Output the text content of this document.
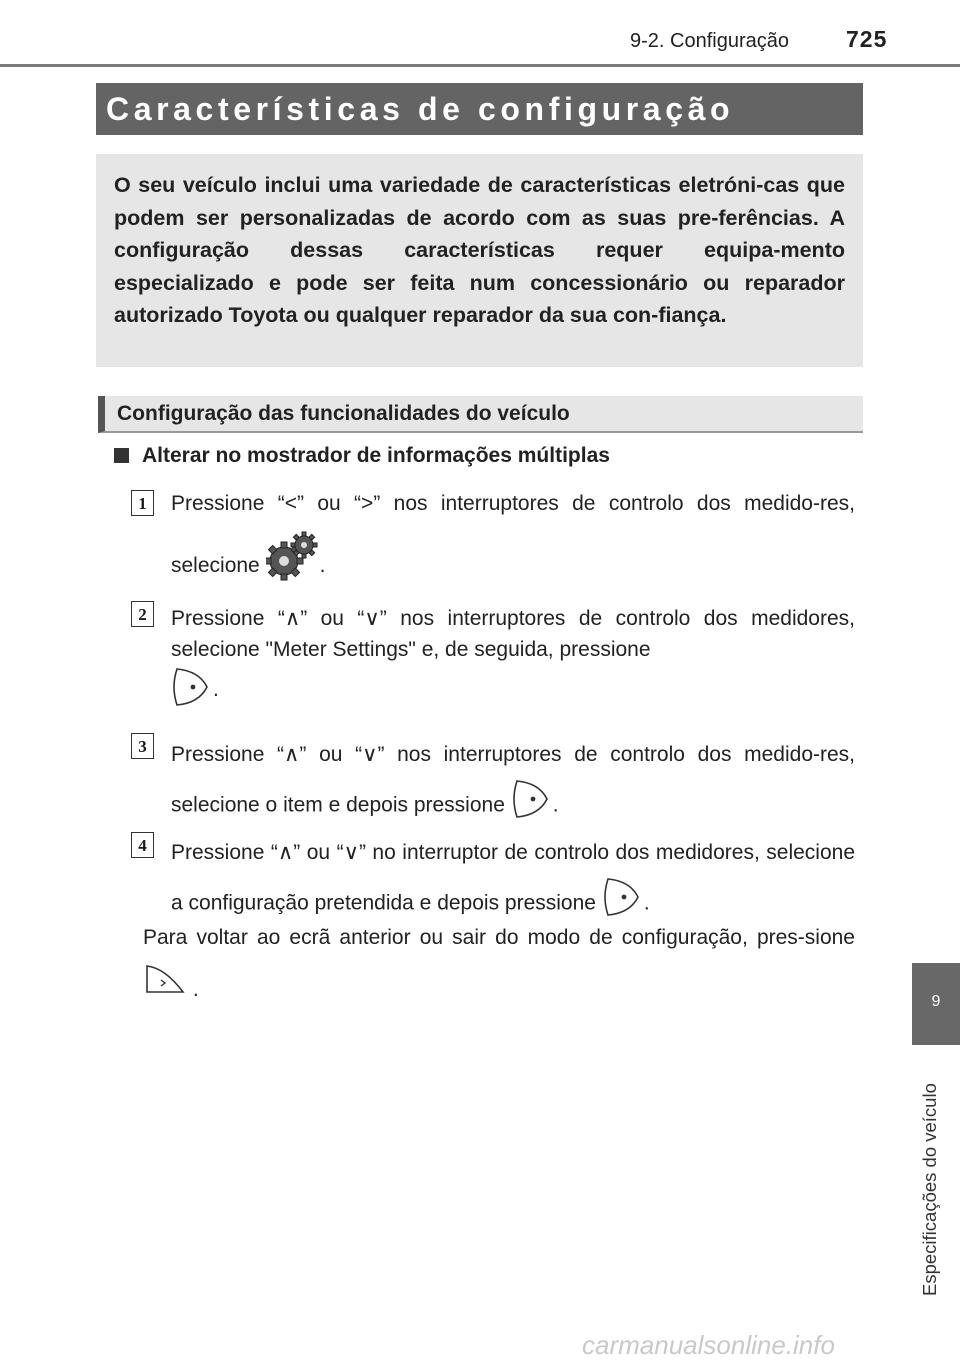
9-2. Configuração 725
Características de configuração

O seu veículo inclui uma variedade de características eletróni-cas que podem ser personalizadas de acordo com as suas pre-ferências. A configuração dessas características requer equipa-mento especializado e pode ser feita num concessionário ou reparador autorizado Toyota ou qualquer reparador da sua con-fiança.

Configuração das funcionalidades do veículo
Alterar no mostrador de informações múltiplas
1	Pressione “<” ou “>” nos interruptores de controlo dos medido-res, selecione	.

2	Pressione “∧” ou “∨” nos interruptores de controlo dos medidores, selecione "Meter Settings" e, de seguida, pressione
.

3	Pressione “∧” ou “∨” nos interruptores de controlo dos medido-res, selecione o item e depois pressione .

4	Pressione “∧” ou “∨” no interruptor de controlo dos medidores, selecione a configuração pretendida e depois pressione .

Para voltar ao ecrã anterior ou sair do modo de configuração, pres-sione  .

9
Especificações do veículo
carmanualsonline.info
